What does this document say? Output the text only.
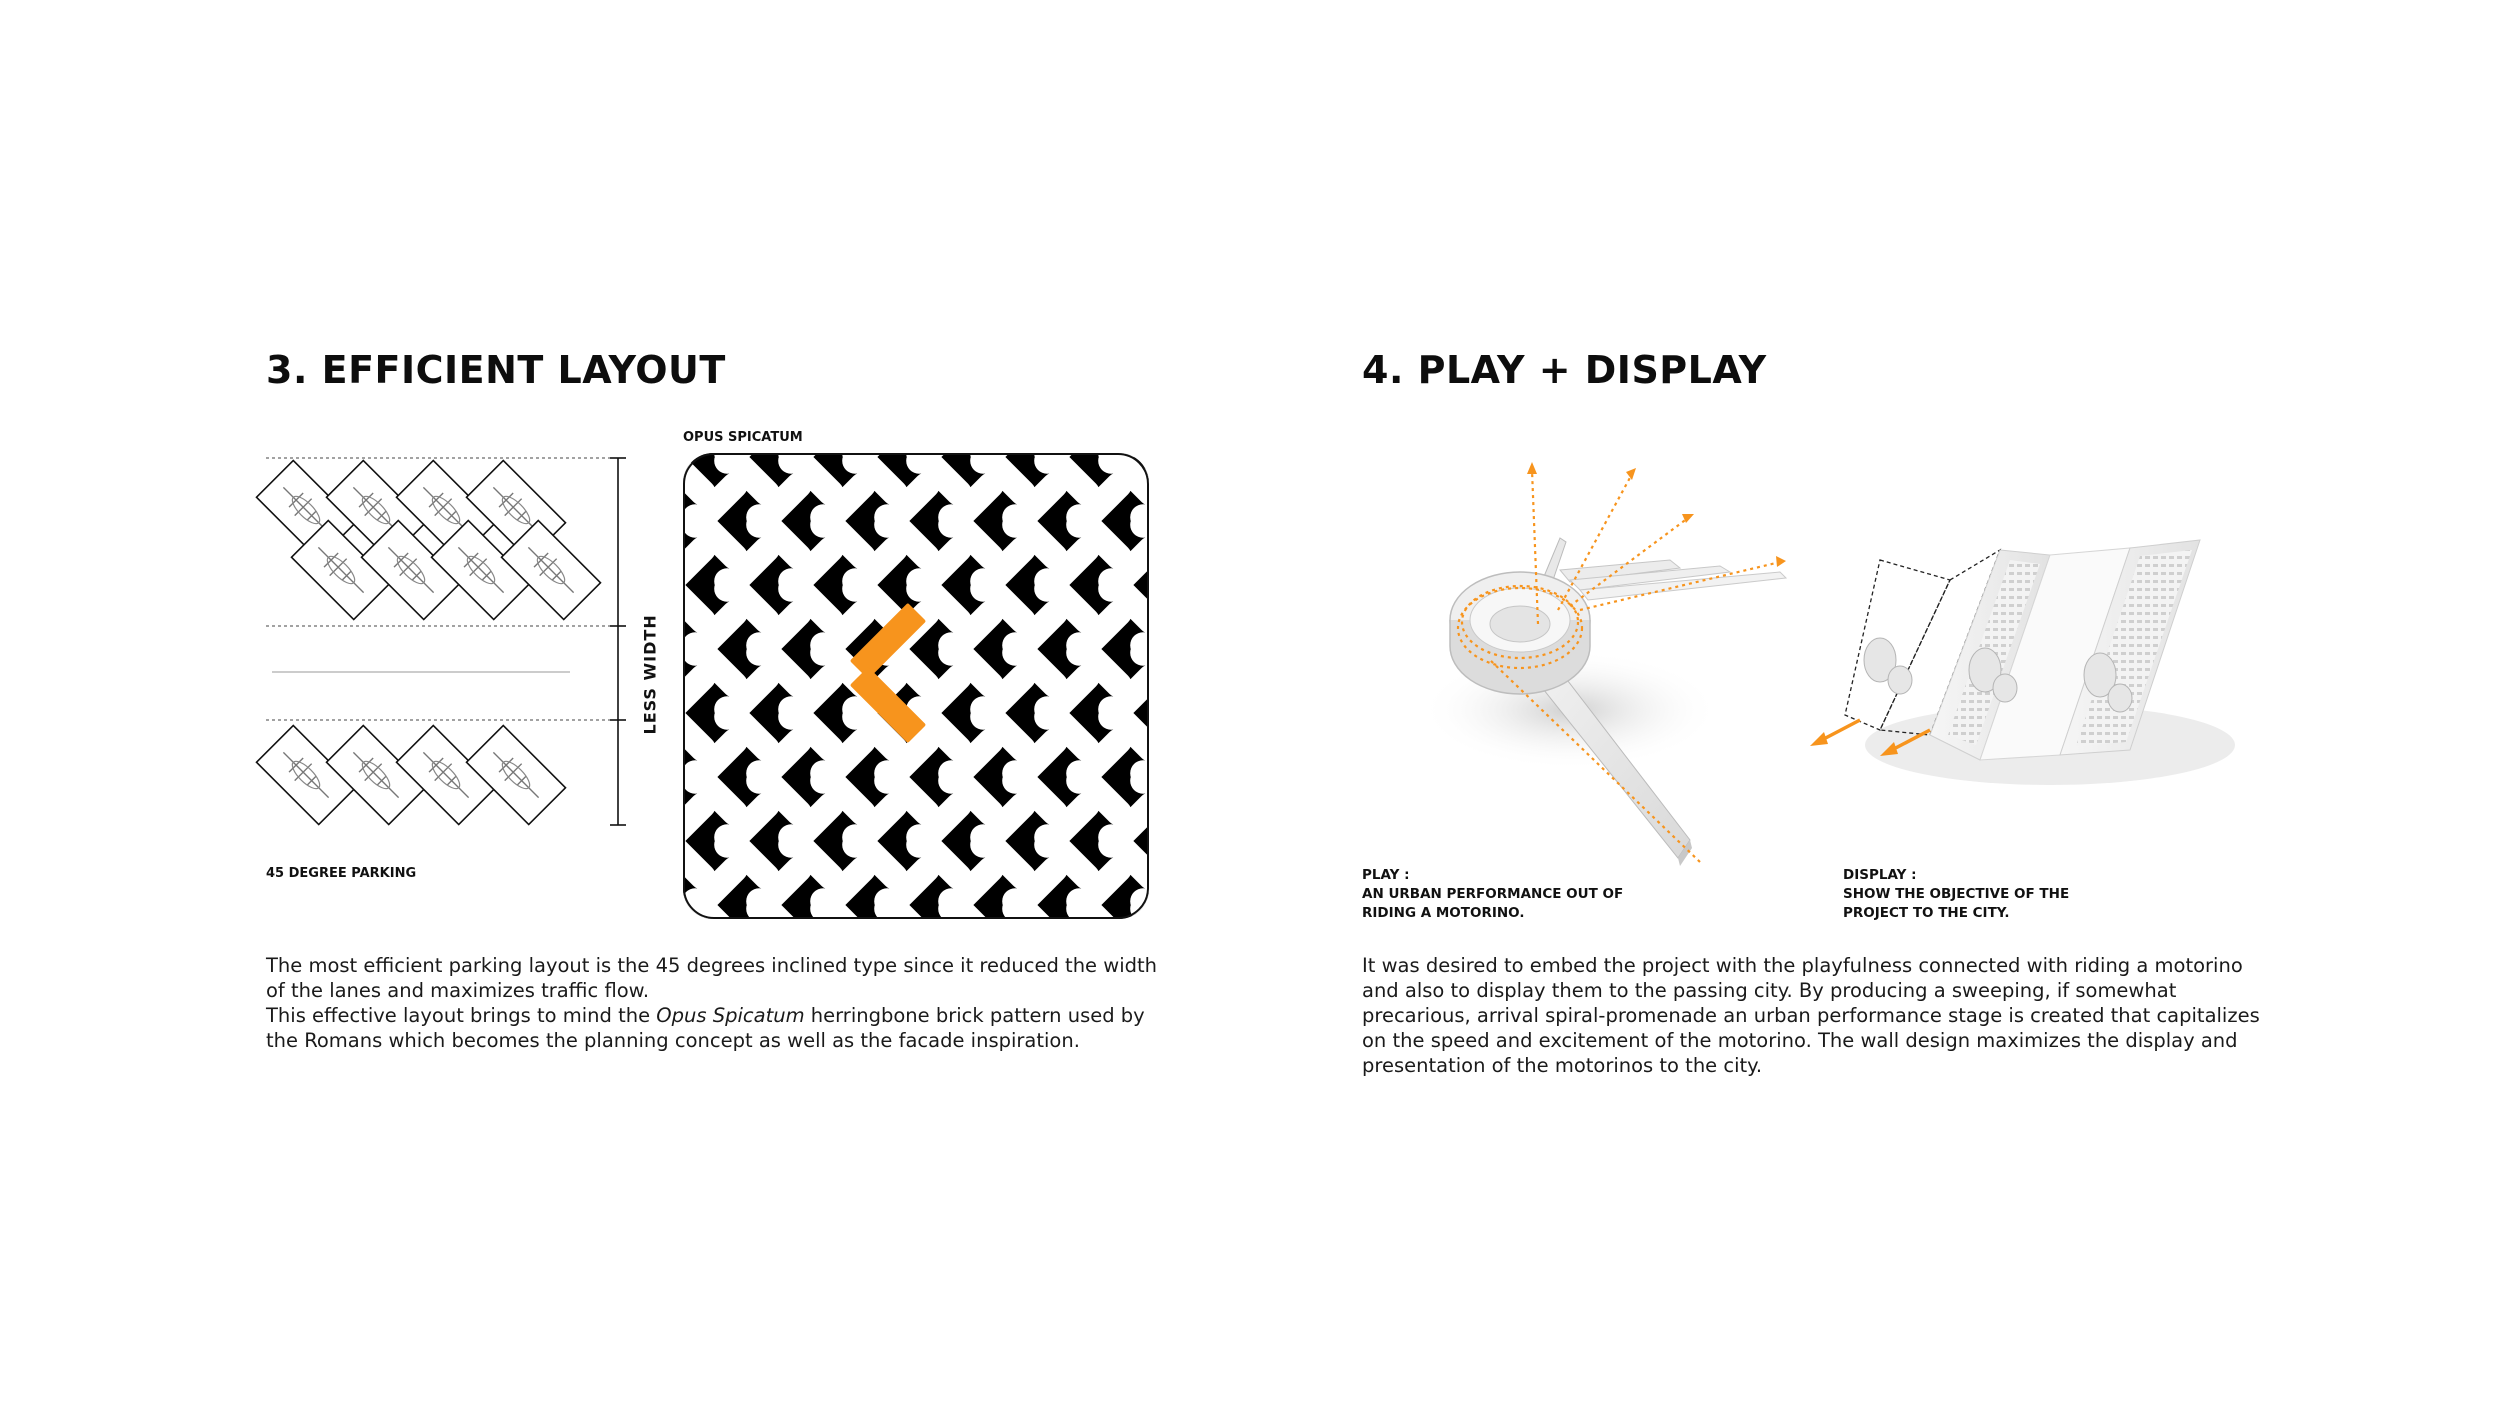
3. EFFICIENT LAYOUT
OPUS SPICATUM
LESS WIDTH
45 DEGREE PARKING

The most efficient parking layout is the 45 degrees inclined type since it reduced the width of the lanes and maximizes traffic flow.

This effective layout brings to mind the Opus Spicatum herringbone brick pattern used by the Romans which becomes the planning concept as well as the facade inspiration.

4. PLAY + DISPLAY
PLAY :
AN URBAN PERFORMANCE OUT OF RIDING A MOTORINO.
DISPLAY :
SHOW THE OBJECTIVE OF THE PROJECT TO THE CITY.
It was desired to embed the project with the playfulness connected with riding a motorino and also to display them to the passing city. By producing a sweeping, if somewhat precarious, arrival spiral-promenade an urban performance stage is created that capitalizes on the speed and excitement of the motorino. The wall design maximizes the display and presentation of the motorinos to the city.
